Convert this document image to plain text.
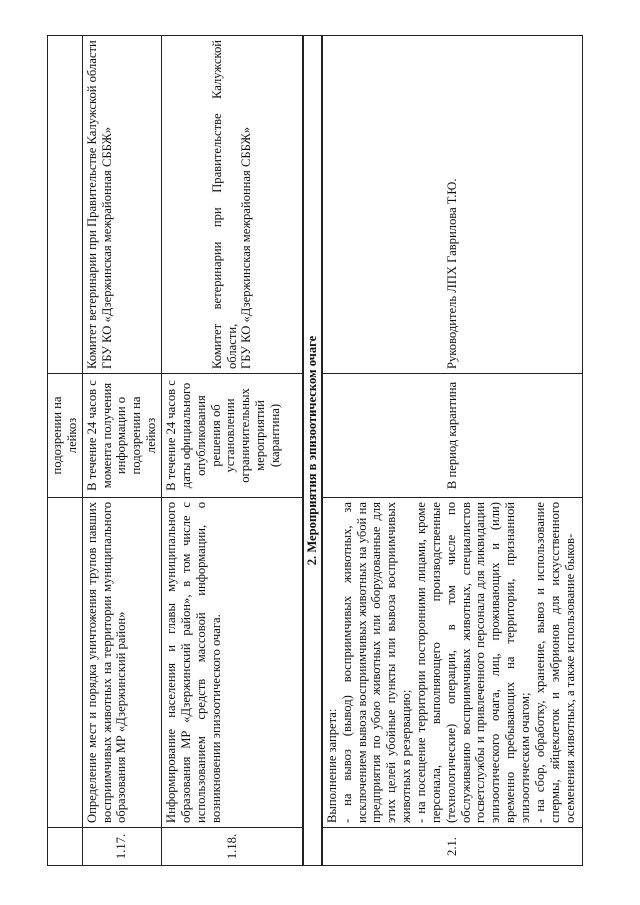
		подозрении на лейкоз	
1.17.	Определение мест и порядка уничтожения трупов павших восприимчивых животных на территории муниципального образования МР «Дзержинский район»	В течение 24 часов с момента получения информации о подозрении на лейкоз	Комитет ветеринарии при Правительстве Калужской области ГБУ КО «Дзержинская межрайонная СББЖ»

1.18.	Информирование населения и главы муниципального образования МР «Дзержинский район», в том числе с использованием средств массовой информации, о возникновении эпизоотического очага.	В течение 24 часов с даты официального опубликования решения об установлении ограничительных мероприятий (карантина)	Комитет ветеринарии при Правительстве Калужской области, ГБУ КО «Дзержинская межрайонная СББЖ»

2. Мероприятия в эпизоотическом очаге			
2.1.	Выполнение запрета: - на вывоз (вывод) восприимчивых животных, за исключением вывоза восприимчивых животных на убой на предприятия по убою животных или оборудованные для этих целей убойные пункты или вывоза восприимчивых животных в резервацию; - на посещение территории посторонними лицами, кроме персонала, выполняющего производственные (технологические) операции, в том числе по обслуживанию восприимчивых животных, специалистов госветслужбы и привлеченного персонала для ликвидации эпизоотического очага, лиц, проживающих и (или) временно пребывающих на территории, признанной эпизоотическим очагом; - на сбор, обработку, хранение, вывоз и использование спермы, яйцеклеток и эмбрионов для искусственного осеменения животных, а также использование быков-	В период карантина	Руководитель ЛПХ Гаврилова Т.Ю.
